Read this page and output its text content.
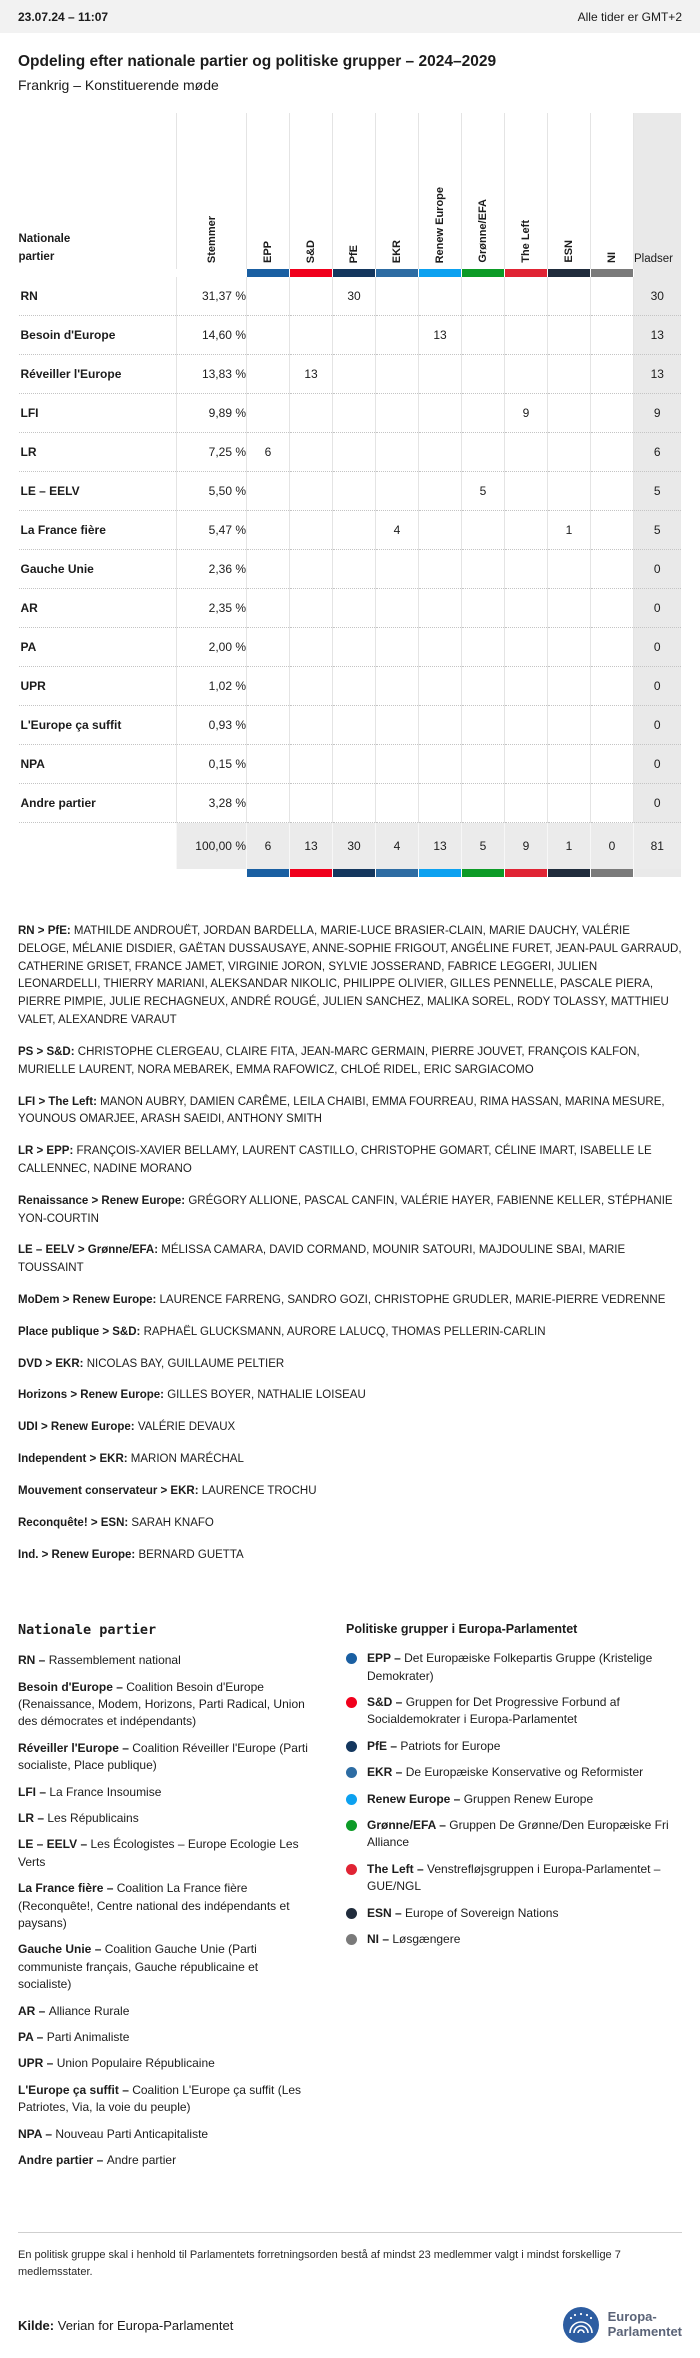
23.07.24 – 11:07	Alle tider er GMT+2
Opdeling efter nationale partier og politiske grupper – 2024–2029
Frankrig – Konstituerende møde
Nationale partier	Stemmer	EPP	S&D	PfE	EKR	Renew Europe	Grønne/EFA	The Left	ESN	NI	Pladser

RN	31,37 %			30							30
Besoin d'Europe	14,60 %					13					13
Réveiller l'Europe	13,83 %		13								13
LFI	9,89 %							9			9
LR	7,25 %	6									6
LE – EELV	5,50 %						5				5
La France fière	5,47 %				4				1		5
Gauche Unie	2,36 %										0
AR	2,35 %										0
PA	2,00 %										0
UPR	1,02 %										0
L'Europe ça suffit	0,93 %										0
NPA	0,15 %										0
Andre partier	3,28 %										0
	100,00 %	6	13	30	4	13	5	9	1	0	81

RN > PfE: MATHILDE ANDROUËT, JORDAN BARDELLA, MARIE-LUCE BRASIER-CLAIN, MARIE DAUCHY, VALÉRIE DELOGE, MÉLANIE DISDIER, GAËTAN DUSSAUSAYE, ANNE-SOPHIE FRIGOUT, ANGÉLINE FURET, JEAN-PAUL GARRAUD, CATHERINE GRISET, FRANCE JAMET, VIRGINIE JORON, SYLVIE JOSSERAND, FABRICE LEGGERI, JULIEN LEONARDELLI, THIERRY MARIANI, ALEKSANDAR NIKOLIC, PHILIPPE OLIVIER, GILLES PENNELLE, PASCALE PIERA, PIERRE PIMPIE, JULIE RECHAGNEUX, ANDRÉ ROUGÉ, JULIEN SANCHEZ, MALIKA SOREL, RODY TOLASSY, MATTHIEU VALET, ALEXANDRE VARAUT

PS > S&D: CHRISTOPHE CLERGEAU, CLAIRE FITA, JEAN-MARC GERMAIN, PIERRE JOUVET, FRANÇOIS KALFON, MURIELLE LAURENT, NORA MEBAREK, EMMA RAFOWICZ, CHLOÉ RIDEL, ERIC SARGIACOMO

LFI > The Left: MANON AUBRY, DAMIEN CARÊME, LEILA CHAIBI, EMMA FOURREAU, RIMA HASSAN, MARINA MESURE, YOUNOUS OMARJEE, ARASH SAEIDI, ANTHONY SMITH

LR > EPP: FRANÇOIS-XAVIER BELLAMY, LAURENT CASTILLO, CHRISTOPHE GOMART, CÉLINE IMART, ISABELLE LE CALLENNEC, NADINE MORANO

Renaissance > Renew Europe: GRÉGORY ALLIONE, PASCAL CANFIN, VALÉRIE HAYER, FABIENNE KELLER, STÉPHANIE YON-COURTIN

LE – EELV > Grønne/EFA: MÉLISSA CAMARA, DAVID CORMAND, MOUNIR SATOURI, MAJDOULINE SBAI, MARIE TOUSSAINT

MoDem > Renew Europe: LAURENCE FARRENG, SANDRO GOZI, CHRISTOPHE GRUDLER, MARIE-PIERRE VEDRENNE

Place publique > S&D: RAPHAËL GLUCKSMANN, AURORE LALUCQ, THOMAS PELLERIN-CARLIN

DVD > EKR: NICOLAS BAY, GUILLAUME PELTIER

Horizons > Renew Europe: GILLES BOYER, NATHALIE LOISEAU

UDI > Renew Europe: VALÉRIE DEVAUX

Independent > EKR: MARION MARÉCHAL

Mouvement conservateur > EKR: LAURENCE TROCHU

Reconquête! > ESN: SARAH KNAFO

Ind. > Renew Europe: BERNARD GUETTA

Nationale partier
RN – Rassemblement national
Besoin d'Europe – Coalition Besoin d'Europe (Renaissance, Modem, Horizons, Parti Radical, Union des démocrates et indépendants)
Réveiller l'Europe – Coalition Réveiller l'Europe (Parti socialiste, Place publique)
LFI – La France Insoumise
LR – Les Républicains
LE – EELV – Les Écologistes – Europe Ecologie Les Verts
La France fière – Coalition La France fière (Reconquête!, Centre national des indépendants et paysans)
Gauche Unie – Coalition Gauche Unie (Parti communiste français, Gauche républicaine et socialiste)
AR – Alliance Rurale
PA – Parti Animaliste
UPR – Union Populaire Républicaine
L'Europe ça suffit – Coalition L'Europe ça suffit (Les Patriotes, Via, la voie du peuple)
NPA – Nouveau Parti Anticapitaliste
Andre partier – Andre partier
Politiske grupper i Europa-Parlamentet
EPP – Det Europæiske Folkepartis Gruppe (Kristelige Demokrater)
S&D – Gruppen for Det Progressive Forbund af Socialdemokrater i Europa-Parlamentet
PfE – Patriots for Europe
EKR – De Europæiske Konservative og Reformister
Renew Europe – Gruppen Renew Europe
Grønne/EFA – Gruppen De Grønne/Den Europæiske Fri Alliance
The Left – Venstrefløjsgruppen i Europa-Parlamentet – GUE/NGL
ESN – Europe of Sovereign Nations
NI – Løsgængere
En politisk gruppe skal i henhold til Parlamentets forretningsorden bestå af mindst 23 medlemmer valgt i mindst forskellige 7 medlemsstater.
Kilde: Verian for Europa-Parlamentet
Europa-
Parlamentet
